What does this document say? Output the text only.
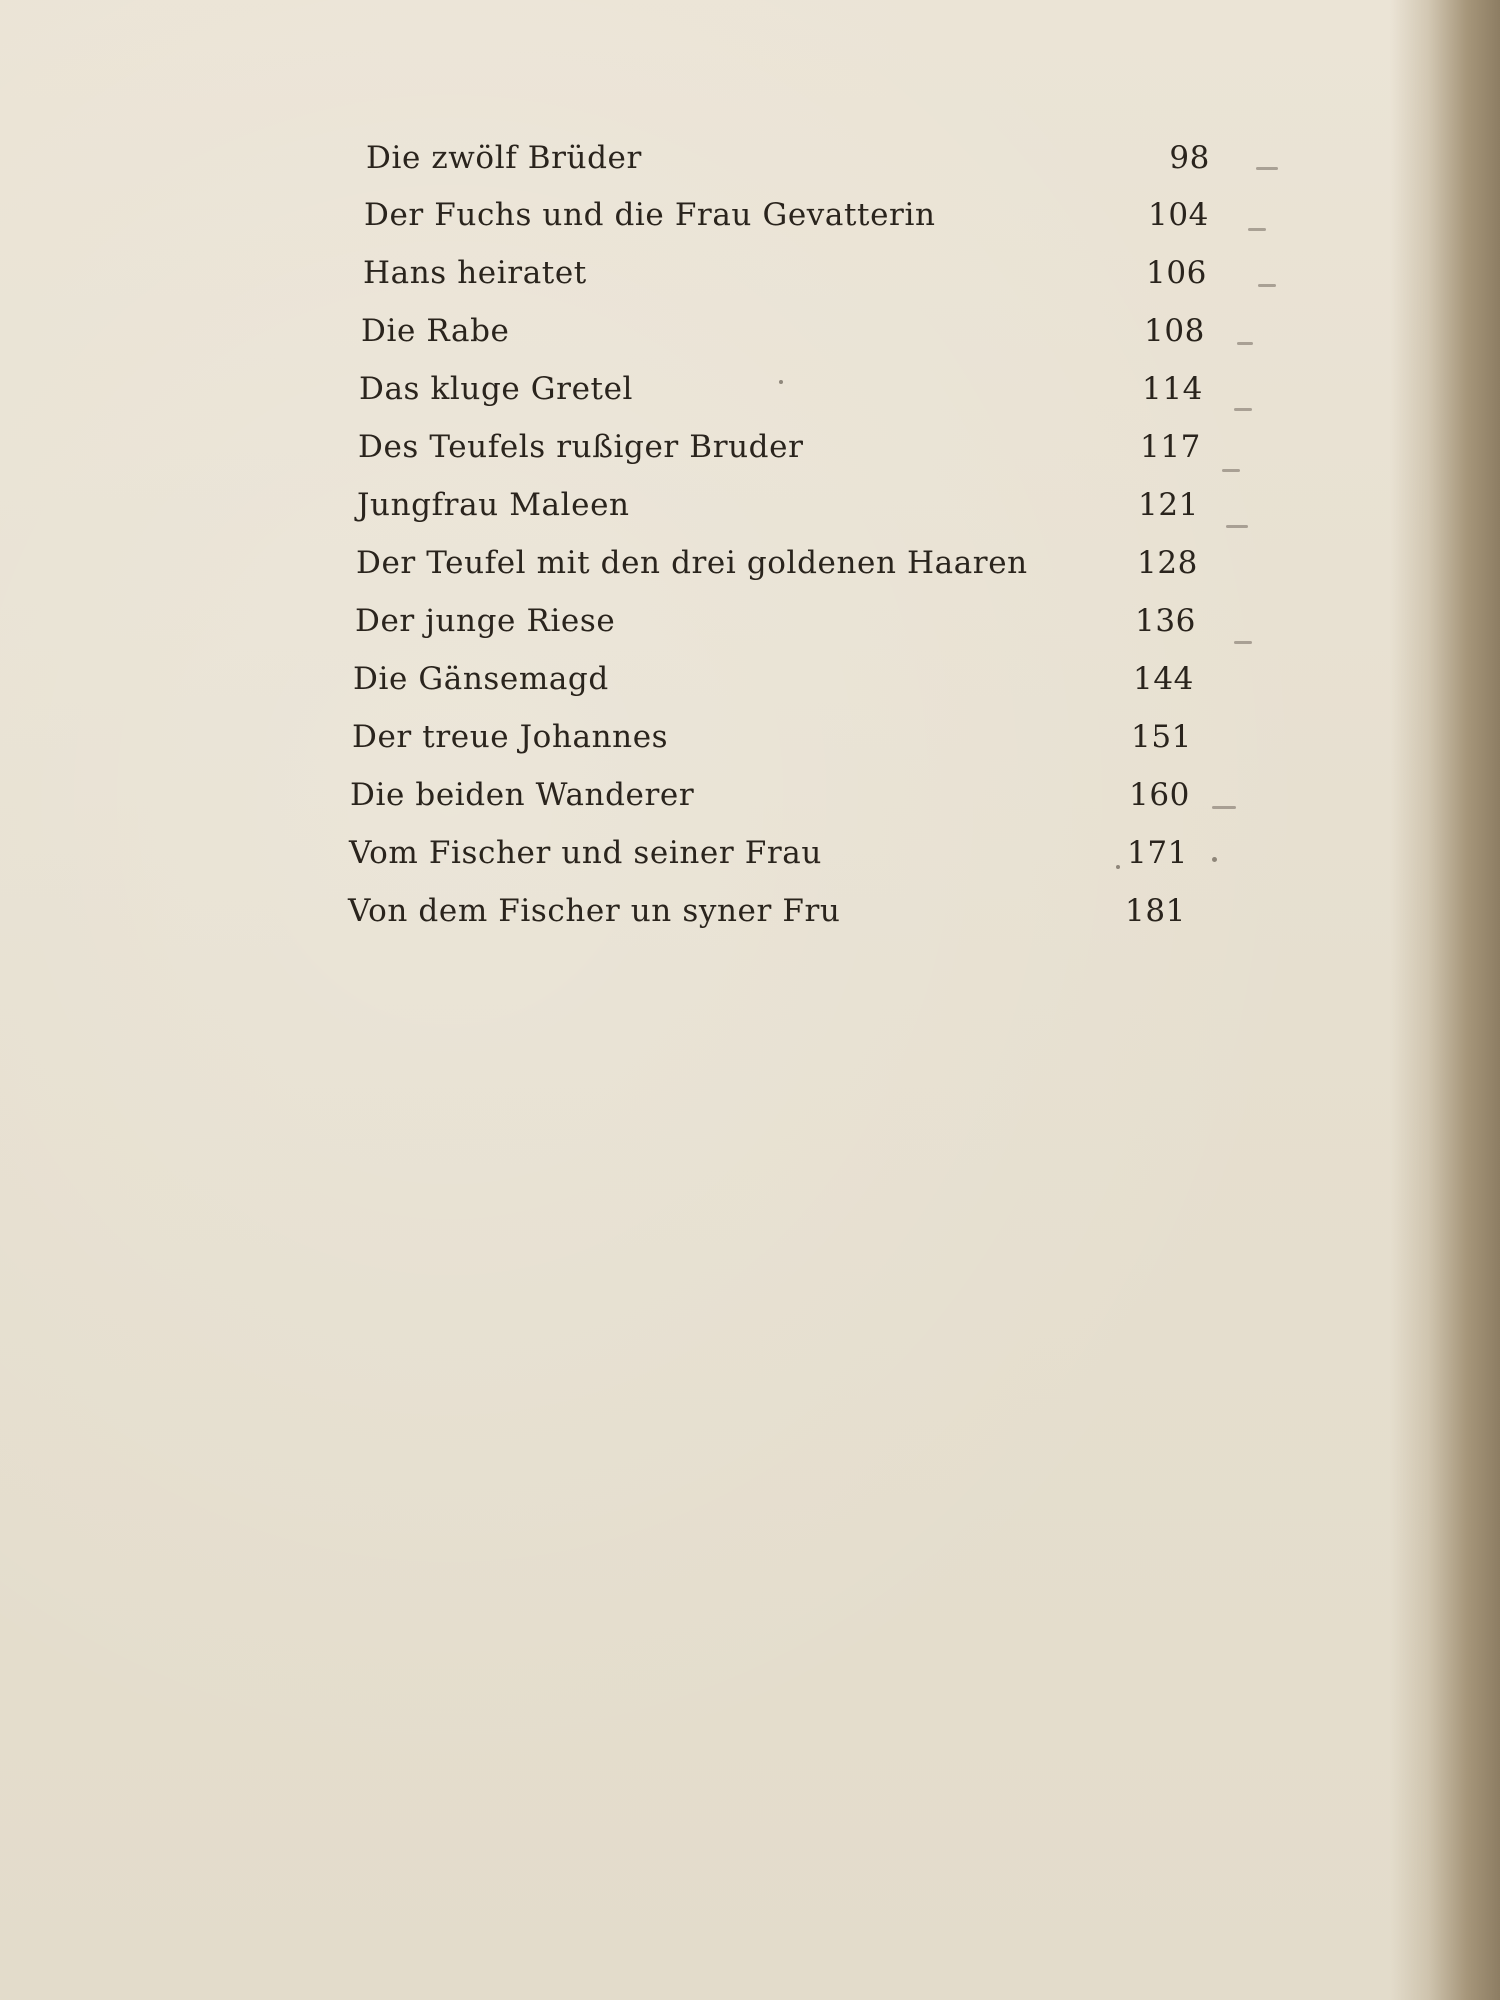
Die zwölf Brüder	98
Der Fuchs und die Frau Gevatterin	104
Hans heiratet	106
Die Rabe	108
Das kluge Gretel	114
Des Teufels rußiger Bruder	117
Jungfrau Maleen	121
Der Teufel mit den drei goldenen Haaren	128
Der junge Riese	136
Die Gänsemagd	144
Der treue Johannes	151
Die beiden Wanderer	160
Vom Fischer und seiner Frau	171
Von dem Fischer un syner Fru	181
